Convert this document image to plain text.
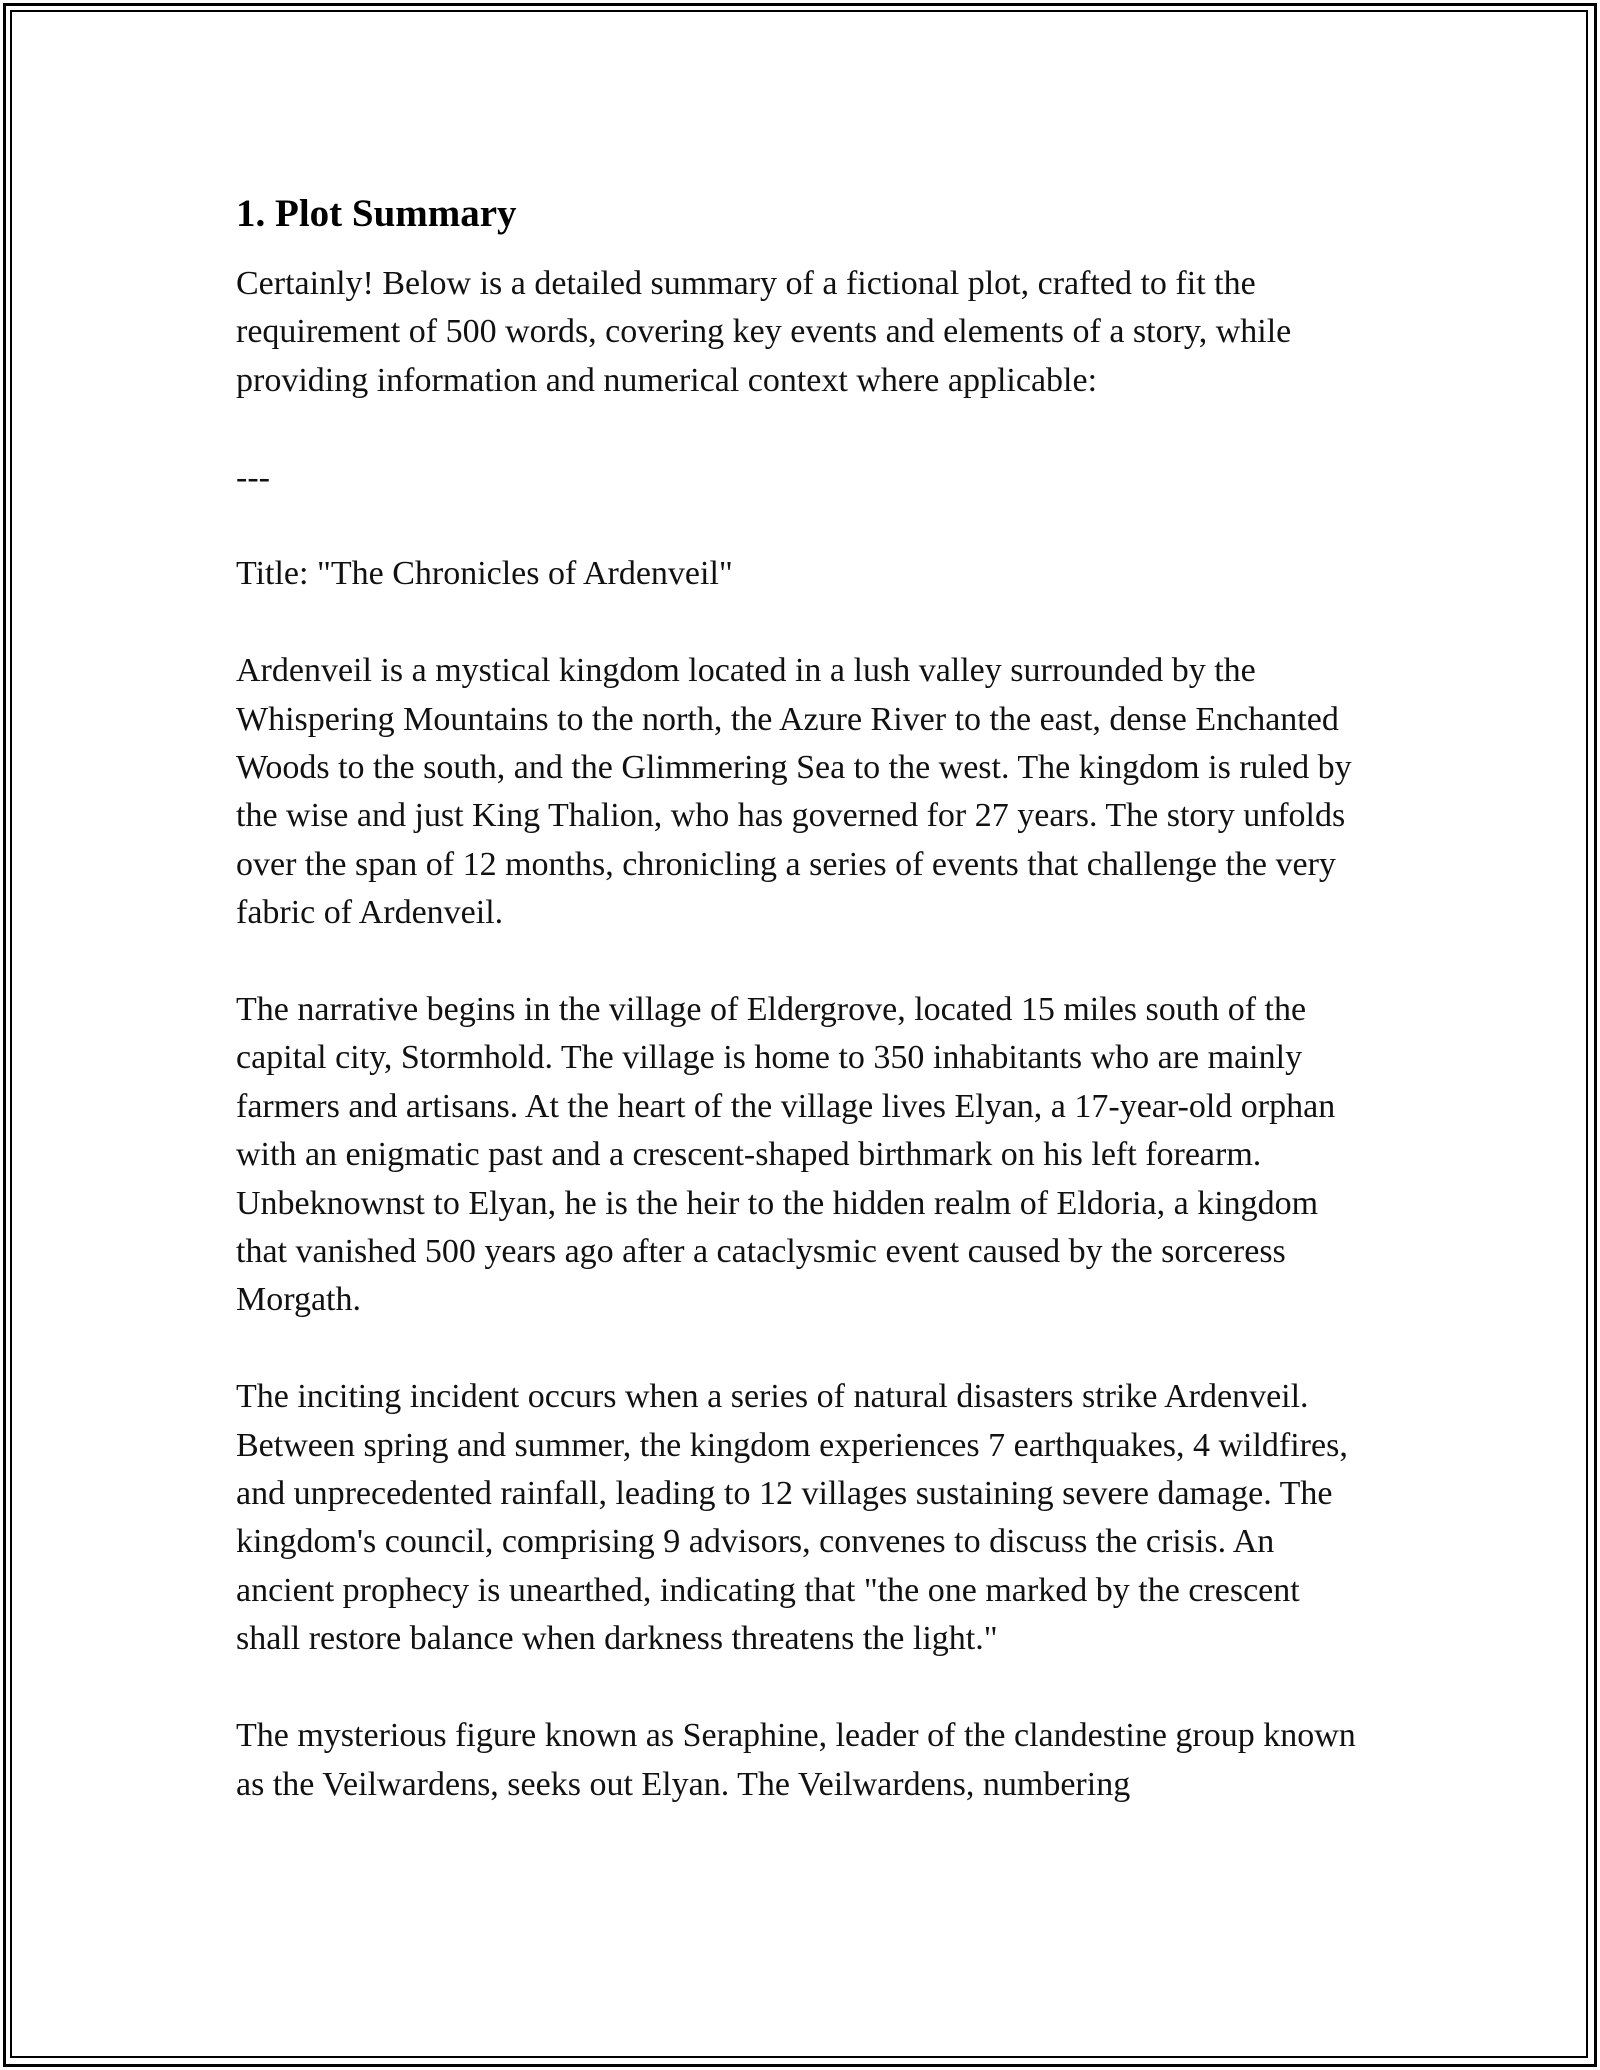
1. Plot Summary

Certainly! Below is a detailed summary of a fictional plot, crafted to fit the requirement of 500 words, covering key events and elements of a story, while providing information and numerical context where applicable:

---

Title: "The Chronicles of Ardenveil"

Ardenveil is a mystical kingdom located in a lush valley surrounded by the Whispering Mountains to the north, the Azure River to the east, dense Enchanted Woods to the south, and the Glimmering Sea to the west. The kingdom is ruled by the wise and just King Thalion, who has governed for 27 years. The story unfolds over the span of 12 months, chronicling a series of events that challenge the very fabric of Ardenveil.

The narrative begins in the village of Eldergrove, located 15 miles south of the capital city, Stormhold. The village is home to 350 inhabitants who are mainly farmers and artisans. At the heart of the village lives Elyan, a 17-year-old orphan with an enigmatic past and a crescent-shaped birthmark on his left forearm. Unbeknownst to Elyan, he is the heir to the hidden realm of Eldoria, a kingdom that vanished 500 years ago after a cataclysmic event caused by the sorceress Morgath.

The inciting incident occurs when a series of natural disasters strike Ardenveil. Between spring and summer, the kingdom experiences 7 earthquakes, 4 wildfires, and unprecedented rainfall, leading to 12 villages sustaining severe damage. The kingdom's council, comprising 9 advisors, convenes to discuss the crisis. An ancient prophecy is unearthed, indicating that "the one marked by the crescent shall restore balance when darkness threatens the light."

The mysterious figure known as Seraphine, leader of the clandestine group known as the Veilwardens, seeks out Elyan. The Veilwardens, numbering
